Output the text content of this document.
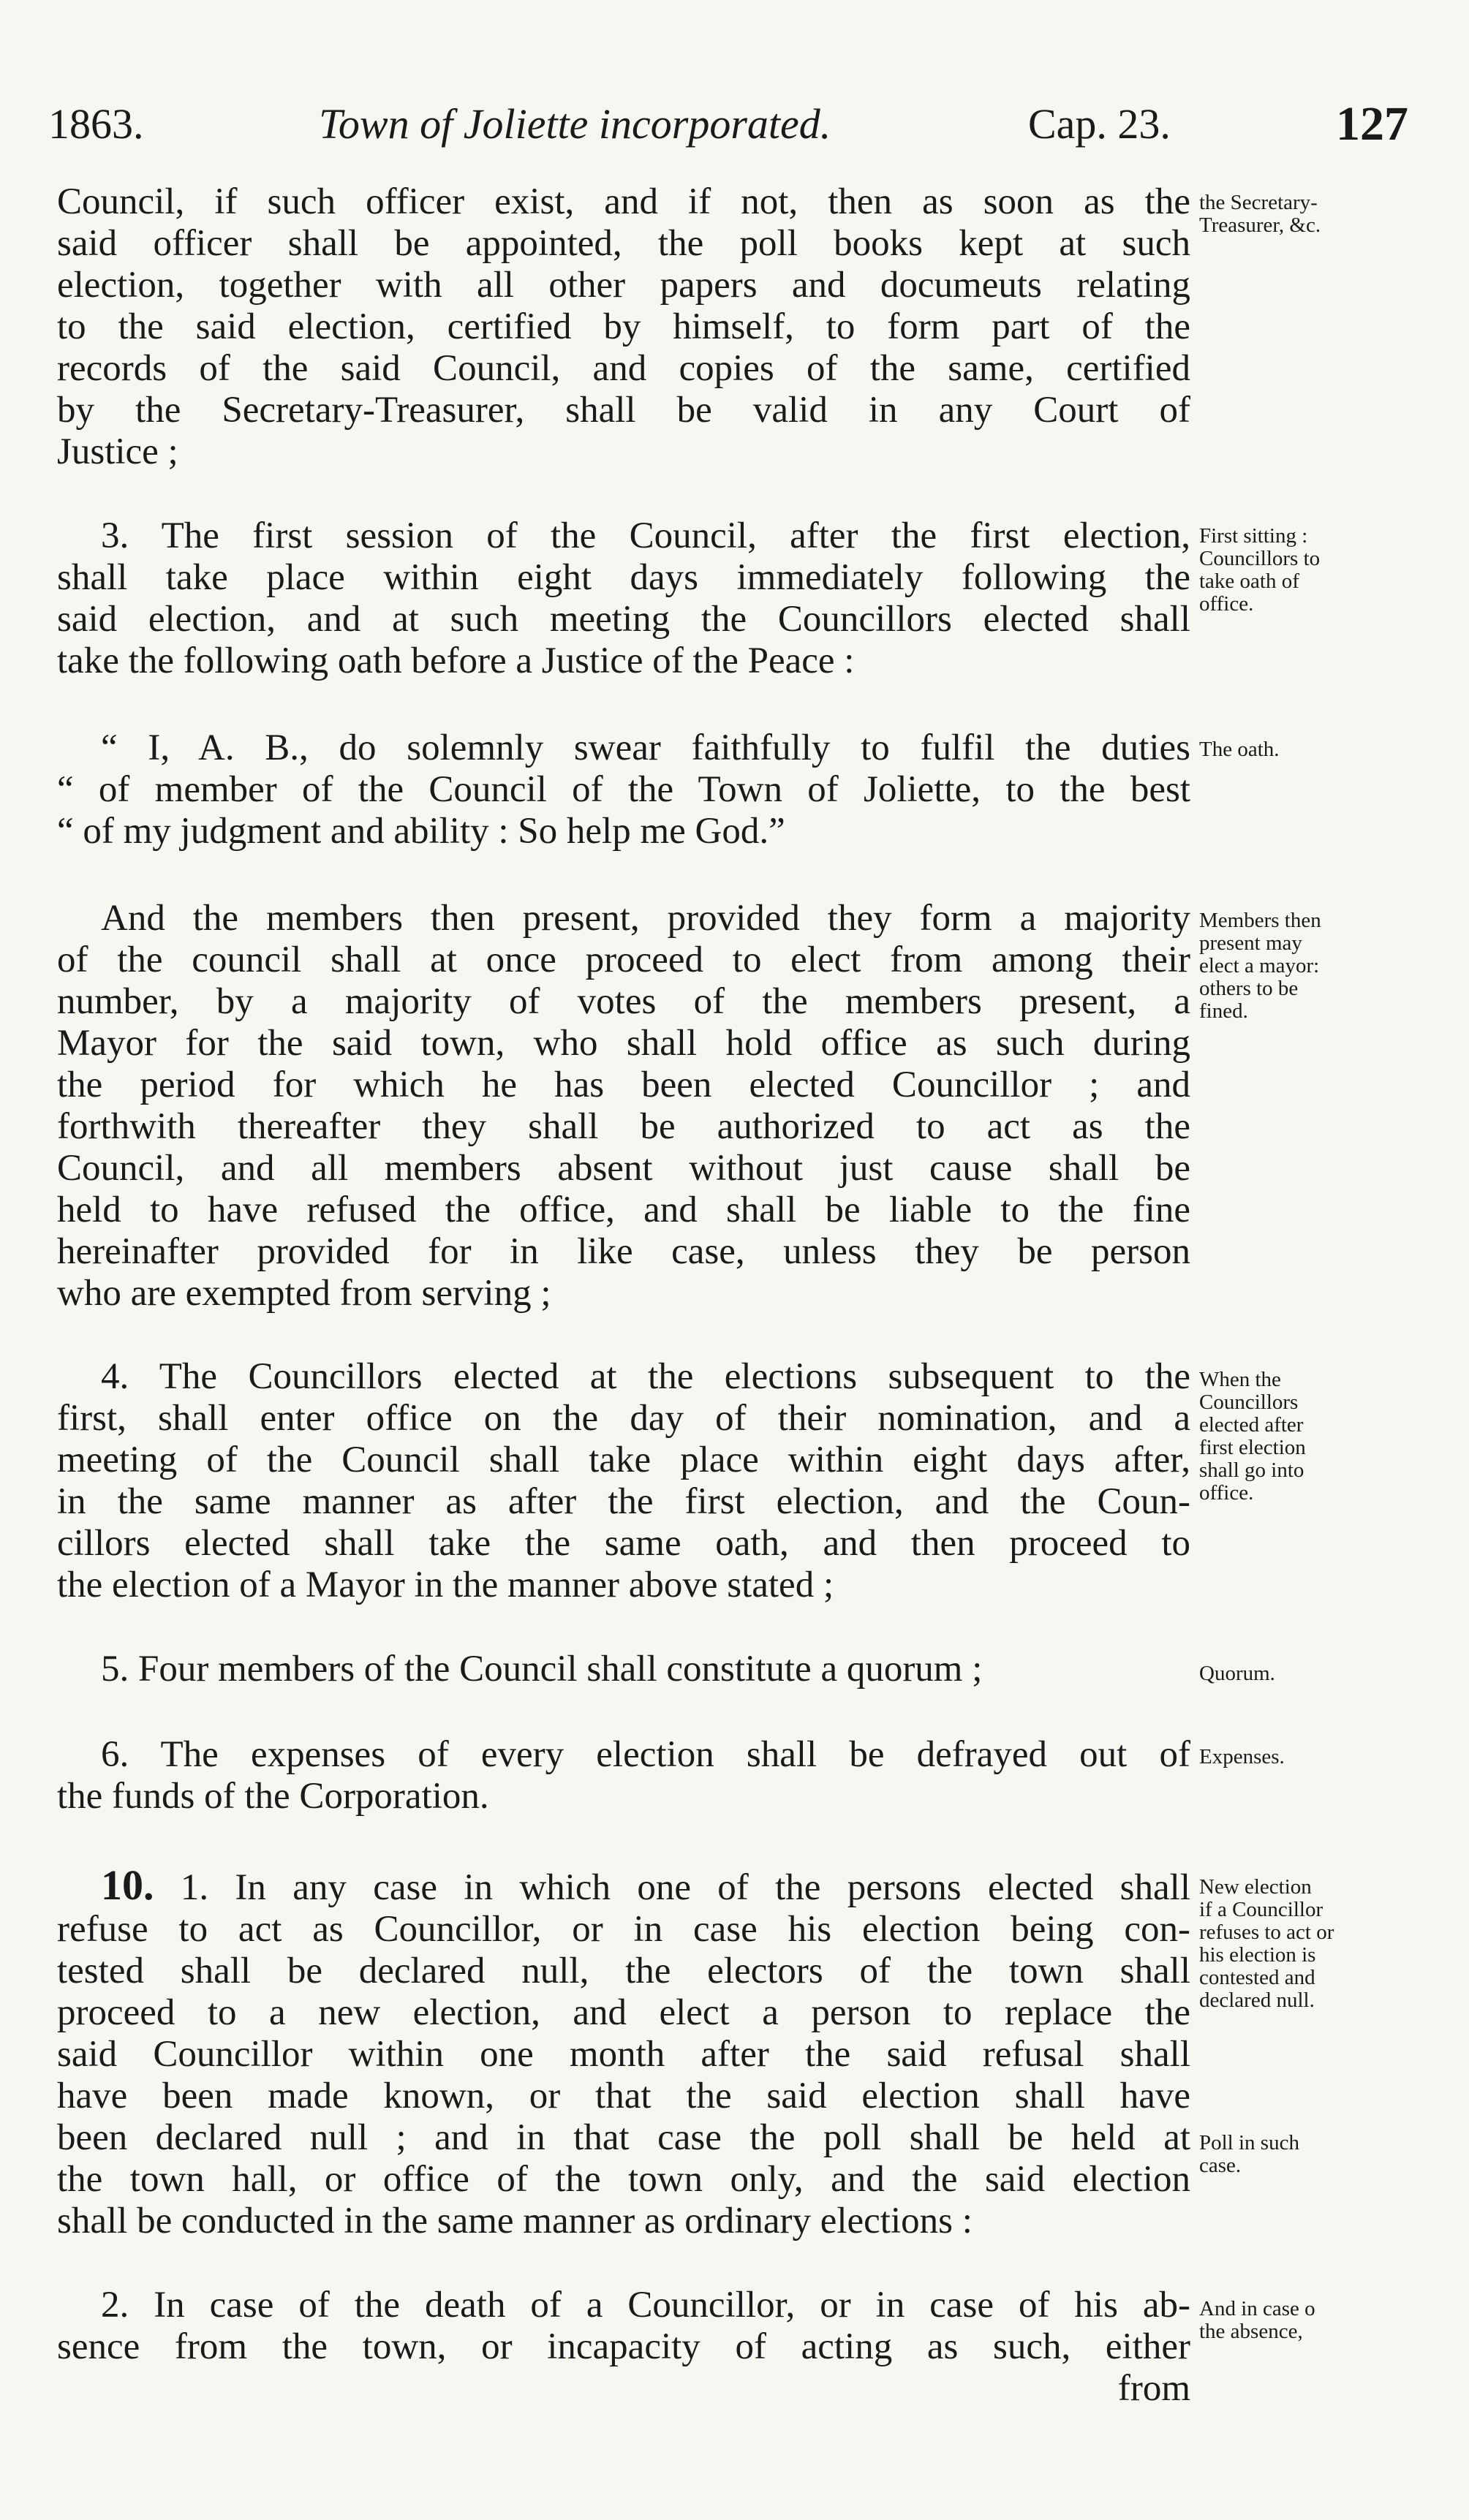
1863.	Town of Joliette incorporated.	Cap. 23.	127
Council, if such officer exist, and if not, then as soon as the
said officer shall be appointed, the poll books kept at such
election, together with all other papers and documeuts relating
to the said election, certified by himself, to form part of the
records of the said Council, and copies of the same, certified
by the Secretary-Treasurer, shall be valid in any Court of
Justice ;
the Secretary-
Treasurer, &c.
3. The first session of the Council, after the first election,
shall take place within eight days immediately following the
said election, and at such meeting the Councillors elected shall
take the following oath before a Justice of the Peace :
First sitting :
Councillors to
take oath of
office.
“ I, A. B., do solemnly swear faithfully to fulfil the duties
“ of member of the Council of the Town of Joliette, to the best
“ of my judgment and ability : So help me God.”
The oath.
And the members then present, provided they form a majority
of the council shall at once proceed to elect from among their
number, by a majority of votes of the members present, a
Mayor for the said town, who shall hold office as such during
the period for which he has been elected Councillor ; and
forthwith thereafter they shall be authorized to act as the
Council, and all members absent without just cause shall be
held to have refused the office, and shall be liable to the fine
hereinafter provided for in like case, unless they be person
who are exempted from serving ;
Members then
present may
elect a mayor:
others to be
fined.
4. The Councillors elected at the elections subsequent to the
first, shall enter office on the day of their nomination, and a
meeting of the Council shall take place within eight days after,
in the same manner as after the first election, and the Coun-
cillors elected shall take the same oath, and then proceed to
the election of a Mayor in the manner above stated ;
When the
Councillors
elected after
first election
shall go into
office.
5. Four members of the Council shall constitute a quorum ;	Quorum.
6. The expenses of every election shall be defrayed out of
the funds of the Corporation.
Expenses.
10. 1. In any case in which one of the persons elected shall
refuse to act as Councillor, or in case his election being con-
tested shall be declared null, the electors of the town shall
proceed to a new election, and elect a person to replace the
said Councillor within one month after the said refusal shall
have been made known, or that the said election shall have
been declared null ; and in that case the poll shall be held at
the town hall, or office of the town only, and the said election
shall be conducted in the same manner as ordinary elections :
New election
if a Councillor
refuses to act or
his election is
contested and
declared null.
Poll in such
case.
2. In case of the death of a Councillor, or in case of his ab-
sence from the town, or incapacity of acting as such, either
from
And in case o
the absence,
